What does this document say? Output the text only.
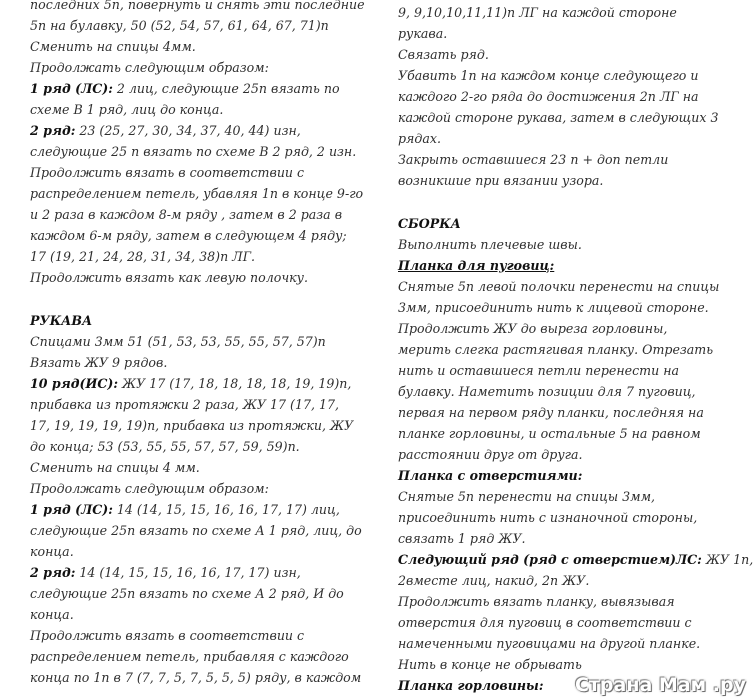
последних 5п, повернуть и снять эти последние
5п на булавку, 50 (52, 54, 57, 61, 64, 67, 71)п
Сменить на спицы 4мм.
Продолжать следующим образом:
1 ряд (ЛС): 2 лиц, следующие 25п вязать по
схеме В 1 ряд, лиц до конца.
2 ряд: 23 (25, 27, 30, 34, 37, 40, 44) изн,
следующие 25 п вязать по схеме В 2 ряд, 2 изн.
Продолжить вязать в соответствии с
распределением петель, убавляя 1п в конце 9-го
и 2 раза в каждом 8-м ряду , затем в 2 раза в
каждом 6-м ряду, затем в следующем 4 ряду;
17 (19, 21, 24, 28, 31, 34, 38)п ЛГ.
Продолжить вязать как левую полочку.
РУКАВА
Спицами 3мм 51 (51, 53, 53, 55, 55, 57, 57)п
Вязать ЖУ 9 рядов.
10 ряд(ИС): ЖУ 17 (17, 18, 18, 18, 18, 19, 19)п,
прибавка из протяжки 2 раза, ЖУ 17 (17, 17,
17, 19, 19, 19, 19)п, прибавка из протяжки, ЖУ
до конца; 53 (53, 55, 55, 57, 57, 59, 59)п.
Сменить на спицы 4 мм.
Продолжать следующим образом:
1 ряд (ЛС): 14 (14, 15, 15, 16, 16, 17, 17) лиц,
следующие 25п вязать по схеме А 1 ряд, лиц, до
конца.
2 ряд: 14 (14, 15, 15, 16, 16, 17, 17) изн,
следующие 25п вязать по схеме А 2 ряд, И до
конца.
Продолжить вязать в соответствии с
распределением петель, прибавляя с каждого
конца по 1п в 7 (7, 7, 5, 7, 5, 5, 5) ряду, в каждом
9, 9,10,10,11,11)п ЛГ на каждой стороне
рукава.
Связать ряд.
Убавить 1п на каждом конце следующего и
каждого 2-го ряда до достижения 2п ЛГ на
каждой стороне рукава, затем в следующих 3
рядах.
Закрыть оставшиеся 23 п + доп петли
возникшие при вязании узора.
СБОРКА
Выполнить плечевые швы.
Планка для пуговиц:
Снятые 5п левой полочки перенести на спицы
3мм, присоединить нить к лицевой стороне.
Продолжить ЖУ до выреза горловины,
мерить слегка растягивая планку. Отрезать
нить и оставшиеся петли перенести на
булавку. Наметить позиции для 7 пуговиц,
первая на первом ряду планки, последняя на
планке горловины, и остальные 5 на равном
расстоянии друг от друга.
Планка с отверстиями:
Снятые 5п перенести на спицы 3мм,
присоединить нить с изнаночной стороны,
связать 1 ряд ЖУ.
Следующий ряд (ряд с отверстием)ЛС: ЖУ 1п,
2вместе лиц, накид, 2п ЖУ.
Продолжить вязать планку, вывязывая
отверстия для пуговиц в соответствии с
намеченными пуговицами на другой планке.
Нить в конце не обрывать
Планка горловины: Страна Мам .ру
